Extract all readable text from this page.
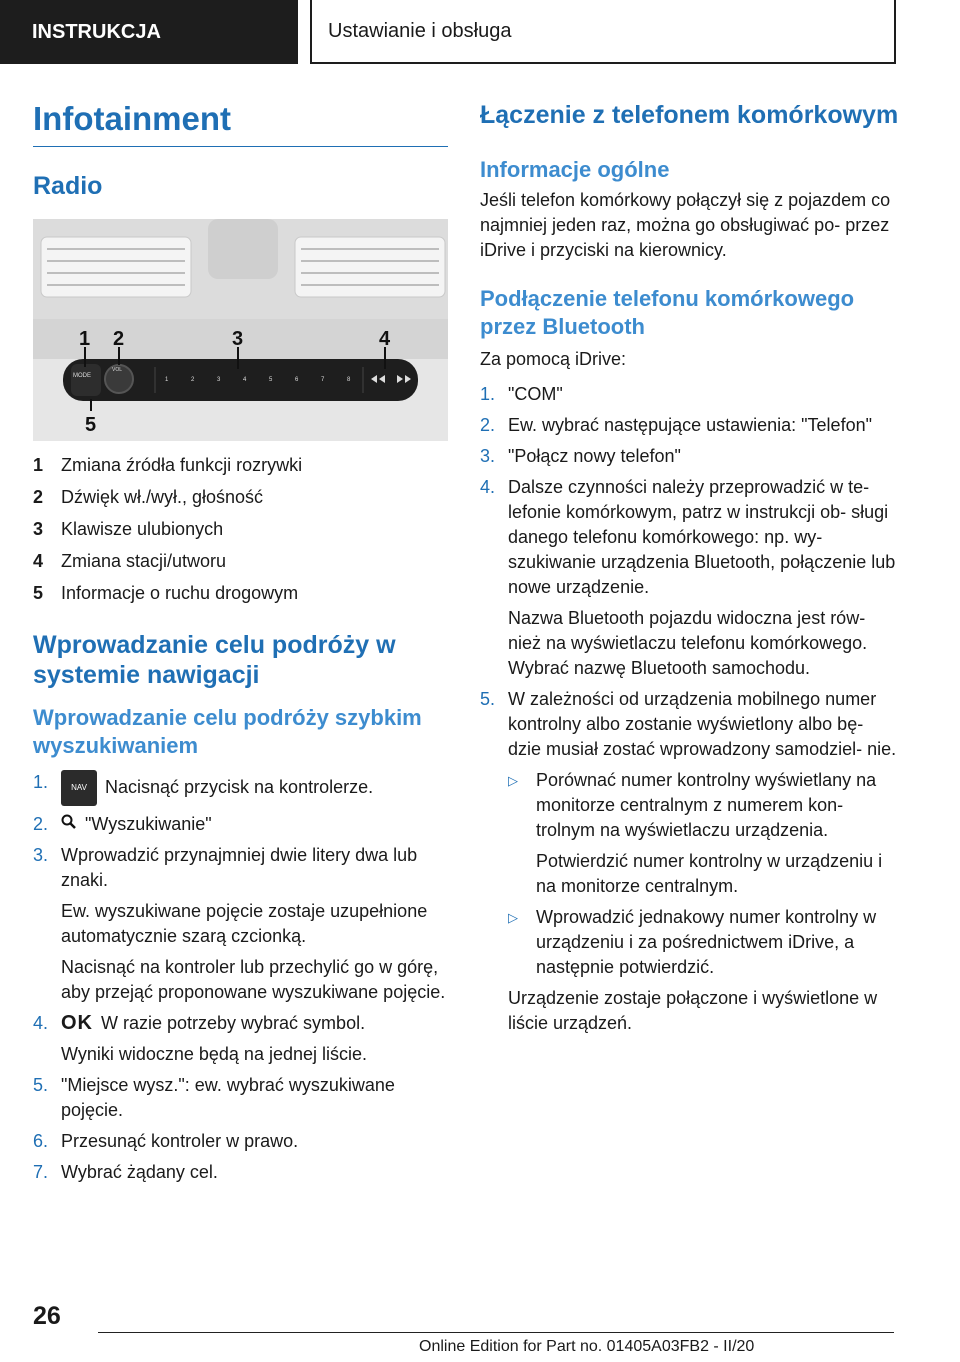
INSTRUKCJA	Ustawianie i obsługa
Infotainment
Radio
MODE
VOL
1	2	3	4	5	6	7	8
1 2	3	4
5
1 Zmiana źródła funkcji rozrywki
2 Dźwięk wł./wył., głośność
3 Klawisze ulubionych
4 Zmiana stacji/utworu
5 Informacje o ruchu drogowym
Wprowadzanie celu podróży w systemie nawigacji
Wprowadzanie celu podróży szybkim wyszukiwaniem
1.	NAV Nacisnąć przycisk na kontrolerze.
2.	"Wyszukiwanie"
3. Wprowadzić przynajmniej dwie litery dwa lub znaki.

Ew. wyszukiwane pojęcie zostaje uzupełnione automatycznie szarą czcionką.

Nacisnąć na kontroler lub przechylić go w górę, aby przejąć proponowane wyszukiwane pojęcie.

4. OK W razie potrzeby wybrać symbol.

Wyniki widoczne będą na jednej liście.

5. "Miejsce wysz.": ew. wybrać wyszukiwane pojęcie.
6. Przesunąć kontroler w prawo.
7. Wybrać żądany cel.
Łączenie z telefonem komórkowym
Informacje ogólne

Jeśli telefon komórkowy połączył się z pojazdem co najmniej jeden raz, można go obsługiwać po- przez iDrive i przyciski na kierownicy.

Podłączenie telefonu komórkowego przez Bluetooth

Za pomocą iDrive:

1. "COM"
2. Ew. wybrać następujące ustawienia: "Telefon"
3. "Połącz nowy telefon"
4. Dalsze czynności należy przeprowadzić w te- lefonie komórkowym, patrz w instrukcji ob- sługi danego telefonu komórkowego: np. wy- szukiwanie urządzenia Bluetooth, połączenie lub nowe urządzenie.

Nazwa Bluetooth pojazdu widoczna jest rów- nież na wyświetlaczu telefonu komórkowego. Wybrać nazwę Bluetooth samochodu.

5. W zależności od urządzenia mobilnego numer kontrolny albo zostanie wyświetlony albo bę- dzie musiał zostać wprowadzony samodziel- nie.
▷	Porównać numer kontrolny wyświetlany na monitorze centralnym z numerem kon- trolnym na wyświetlaczu urządzenia.

Potwierdzić numer kontrolny w urządzeniu i na monitorze centralnym.

▷	Wprowadzić jednakowy numer kontrolny w urządzeniu i za pośrednictwem iDrive, a następnie potwierdzić.

Urządzenie zostaje połączone i wyświetlone w liście urządzeń.

26
Online Edition for Part no. 01405A03FB2 - II/20
